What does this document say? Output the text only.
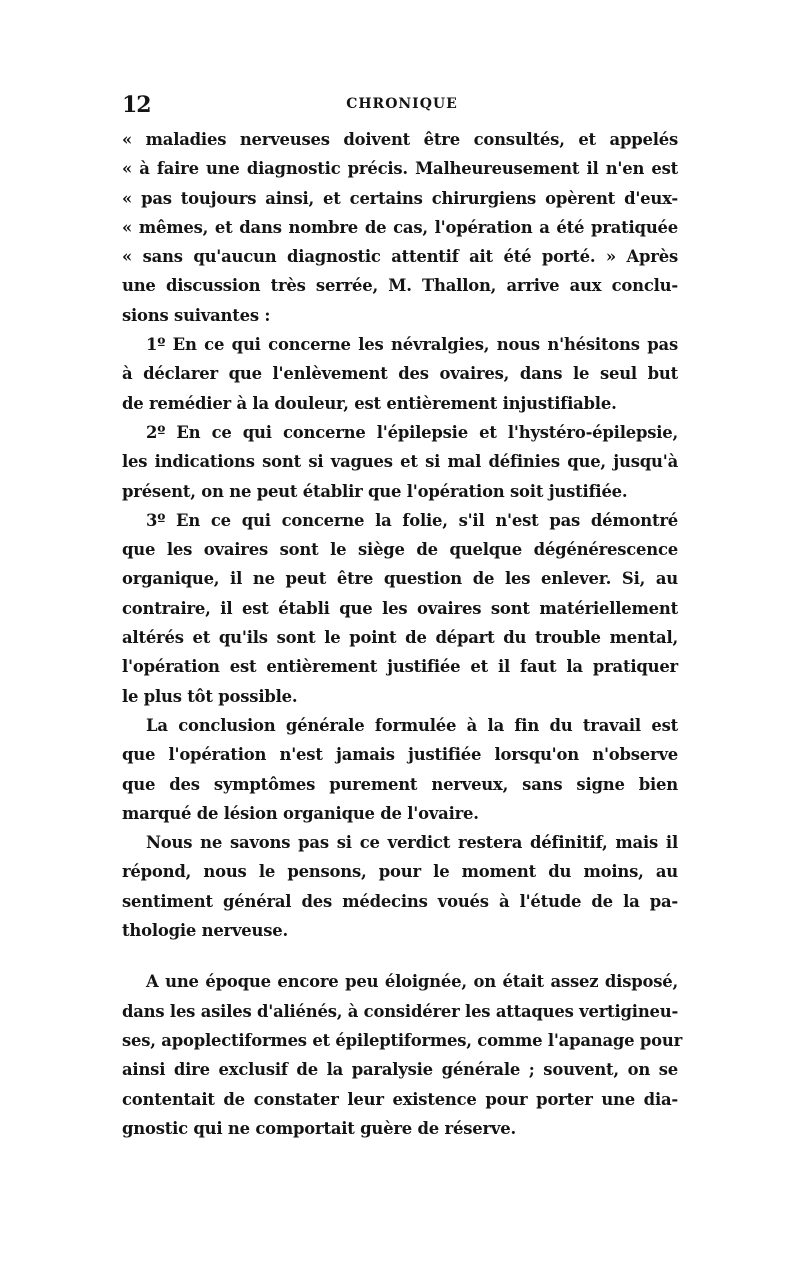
12	CHRONIQUE
« maladies nerveuses doivent être consultés, et appelés
« à faire une diagnostic précis. Malheureusement il n'en est
« pas toujours ainsi, et certains chirurgiens opèrent d'eux-
« mêmes, et dans nombre de cas, l'opération a été pratiquée
« sans qu'aucun diagnostic attentif ait été porté. » Après
une discussion très serrée, M. Thallon, arrive aux conclu-
sions suivantes :
1º En ce qui concerne les névralgies, nous n'hésitons pas
à déclarer que l'enlèvement des ovaires, dans le seul but
de remédier à la douleur, est entièrement injustifiable.
2º En ce qui concerne l'épilepsie et l'hystéro-épilepsie,
les indications sont si vagues et si mal définies que, jusqu'à
présent, on ne peut établir que l'opération soit justifiée.
3º En ce qui concerne la folie, s'il n'est pas démontré
que les ovaires sont le siège de quelque dégénérescence
organique, il ne peut être question de les enlever. Si, au
contraire, il est établi que les ovaires sont matériellement
altérés et qu'ils sont le point de départ du trouble mental,
l'opération est entièrement justifiée et il faut la pratiquer
le plus tôt possible.
La conclusion générale formulée à la fin du travail est
que l'opération n'est jamais justifiée lorsqu'on n'observe
que des symptômes purement nerveux, sans signe bien
marqué de lésion organique de l'ovaire.
Nous ne savons pas si ce verdict restera définitif, mais il
répond, nous le pensons, pour le moment du moins, au
sentiment général des médecins voués à l'étude de la pa-
thologie nerveuse.
A une époque encore peu éloignée, on était assez disposé,
dans les asiles d'aliénés, à considérer les attaques vertigineu-
ses, apoplectiformes et épileptiformes, comme l'apanage pour
ainsi dire exclusif de la paralysie générale ; souvent, on se
contentait de constater leur existence pour porter une dia-
gnostic qui ne comportait guère de réserve.
